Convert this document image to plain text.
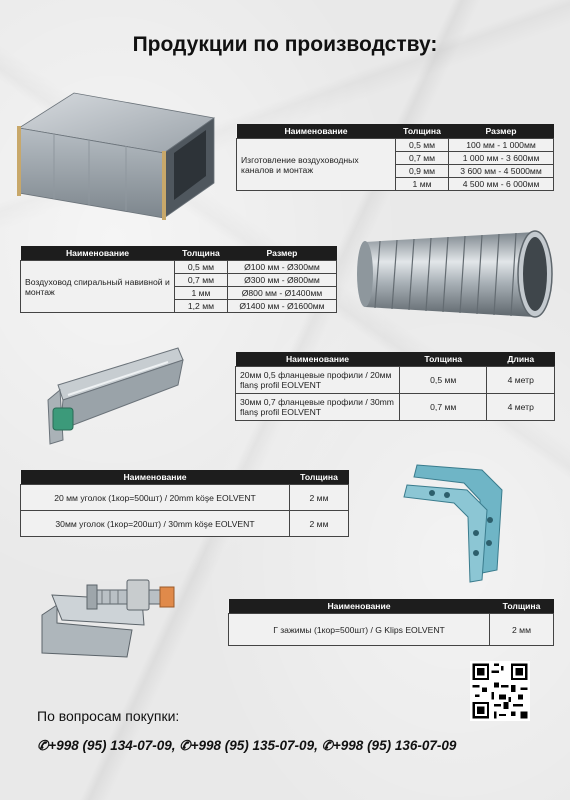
Продукции по производству:
Наименование	Толщина	Размер
Изготовление воздуховодных каналов и монтаж	0,5 мм	100 мм - 1 000мм
	0,7 мм	1 000 мм - 3 600мм
	0,9 мм	3 600 мм - 4 5000мм
	1 мм	4 500 мм - 6 000мм
Наименование	Толщина	Размер
Воздуховод спиральный навивной и монтаж	0,5 мм	Ø100 мм - Ø300мм
	0,7 мм	Ø300 мм - Ø800мм
	1 мм	Ø800 мм - Ø1400мм
	1,2 мм	Ø1400 мм - Ø1600мм
Наименование	Толщина	Длина
20мм 0,5 фланцевые профили / 20мм flanş profil EOLVENT	0,5 мм	4 метр
30мм 0,7 фланцевые профили / 30mm flanş profil EOLVENT	0,7 мм	4 метр
Наименование	Толщина
20 мм уголок (1кор=500шт) / 20mm köşe EOLVENT	2 мм
30мм уголок (1кор=200шт) / 30mm köşe EOLVENT	2 мм
Наименование	Толщина
Г зажимы (1кор=500шт) / G Klips EOLVENT	2 мм
По вопросам покупки:
✆+998 (95) 134-07-09, ✆+998 (95) 135-07-09, ✆+998 (95) 136-07-09
